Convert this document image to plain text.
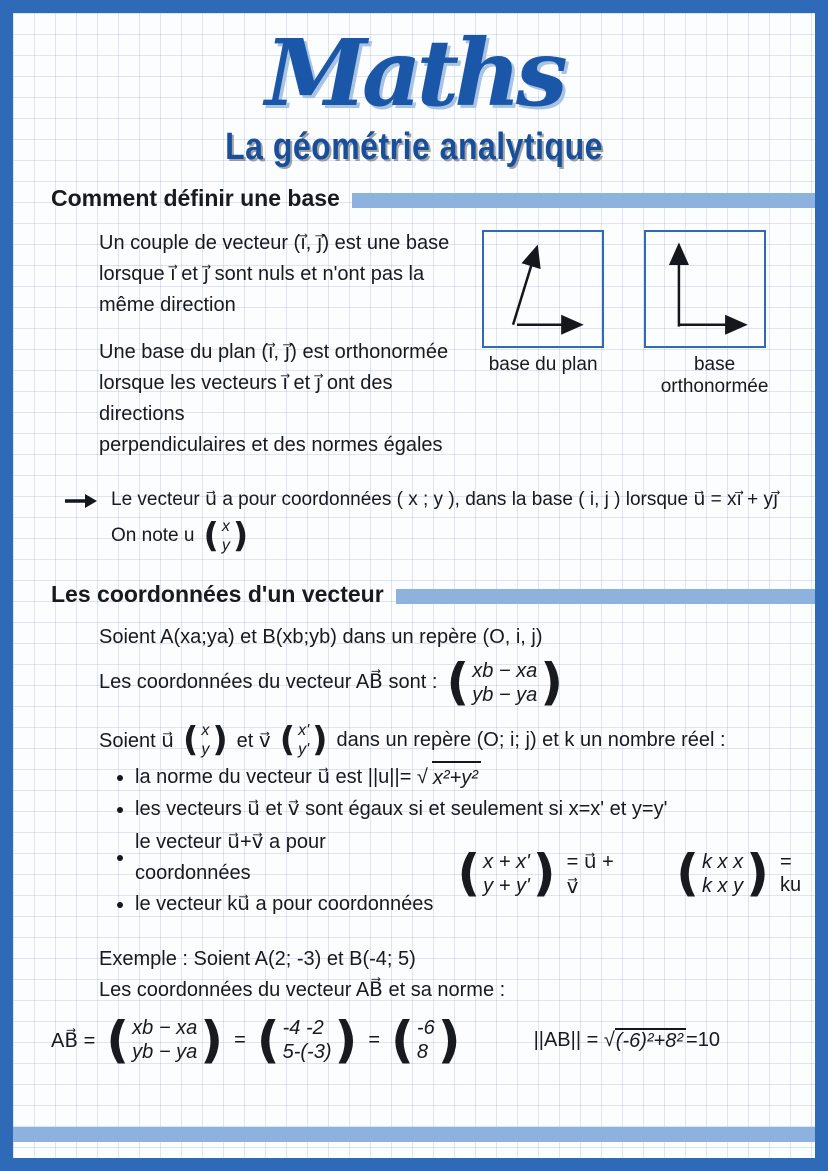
Maths
La géométrie analytique
Comment définir une base
Un couple de vecteur (i⃗, j⃗) est une base
lorsque i⃗ et j⃗ sont nuls et n'ont pas la
même direction
Une base du plan (i⃗, j⃗) est orthonormée
lorsque les vecteurs i⃗ et j⃗ ont des directions
perpendiculaires et des normes égales
base du plan	base orthonormée
Le vecteur u⃗ a pour coordonnées ( x ; y ), dans la base ( i, j ) lorsque u⃗ = xi⃗ + yj⃗
On note u ( x
y )
Les coordonnées d'un vecteur
Soient A(xa;ya) et B(xb;yb) dans un repère (O, i, j)
Les coordonnées du vecteur AB⃗ sont : ( xb − xa
yb − ya )
Soient u⃗ ( x
y ) et v⃗ ( x'
y' ) dans un repère (O; i; j) et k un nombre réel :
la norme du vecteur u⃗ est ||u||= √ x²+y²
les vecteurs u⃗ et v⃗ sont égaux si et seulement si x=x' et y=y'
le vecteur u⃗+v⃗ a pour coordonnées
le vecteur ku⃗ a pour coordonnées
( x + x'
y + y' ) = u⃗ + v⃗	( k x x
k x y ) = ku
Exemple : Soient A(2; -3) et B(-4; 5)
Les coordonnées du vecteur AB⃗ et sa norme :
AB⃗ = ( xb − xa
yb − ya ) = ( -4 -2
5-(-3) ) = ( -6
8 )	||AB|| = √ (-6)²+8² =10
